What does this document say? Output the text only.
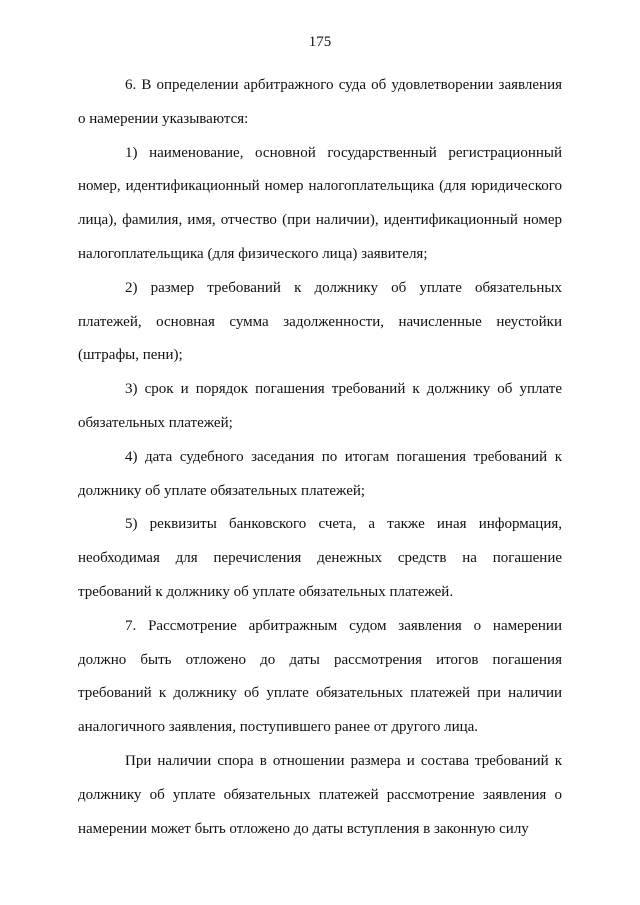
175

6. В определении арбитражного суда об удовлетворении заявления о намерении указываются:

1) наименование, основной государственный регистрационный номер, идентификационный номер налогоплательщика (для юридического лица), фамилия, имя, отчество (при наличии), идентификационный номер налогоплательщика (для физического лица) заявителя;

2) размер требований к должнику об уплате обязательных платежей, основная сумма задолженности, начисленные неустойки (штрафы, пени);

3) срок и порядок погашения требований к должнику об уплате обязательных платежей;

4) дата судебного заседания по итогам погашения требований к должнику об уплате обязательных платежей;

5) реквизиты банковского счета, а также иная информация, необходимая для перечисления денежных средств на погашение требований к должнику об уплате обязательных платежей.

7. Рассмотрение арбитражным судом заявления о намерении должно быть отложено до даты рассмотрения итогов погашения требований к должнику об уплате обязательных платежей при наличии аналогичного заявления, поступившего ранее от другого лица.

При наличии спора в отношении размера и состава требований к должнику об уплате обязательных платежей рассмотрение заявления о намерении может быть отложено до даты вступления в законную силу
